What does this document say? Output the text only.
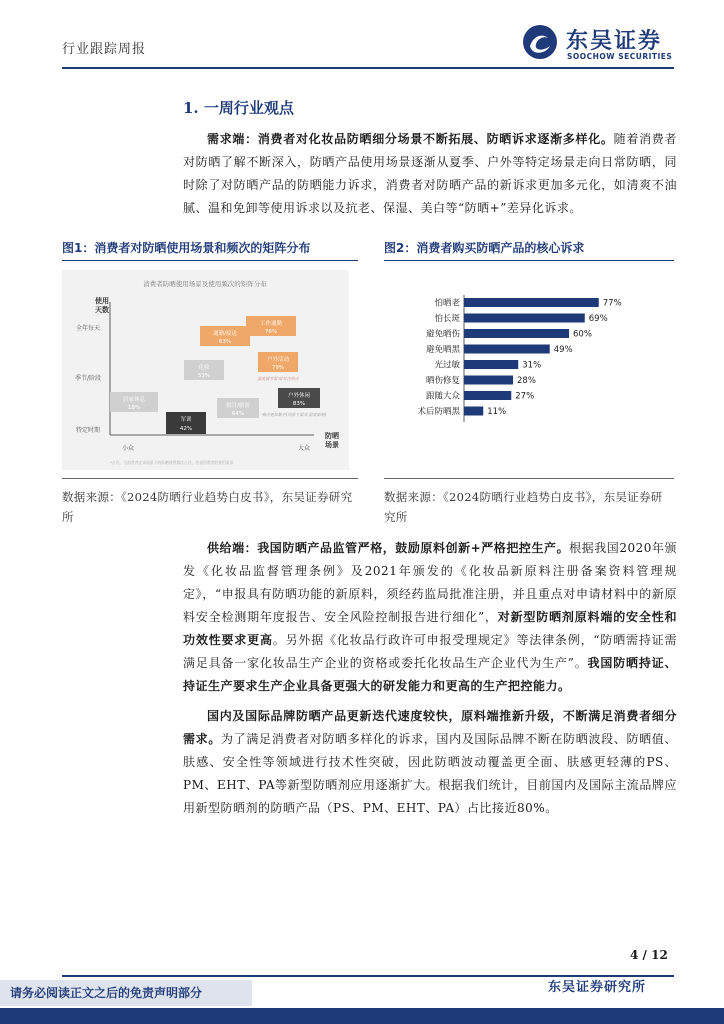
行业跟踪周报	东吴证券
SOOCHOW SECURITIES
1. 一周行业观点

需求端：消费者对化妆品防晒细分场景不断拓展、防晒诉求逐渐多样化。随着消费者对防晒了解不断深入，防晒产品使用场景逐渐从夏季、户外等特定场景走向日常防晒，同时除了对防晒产品的防晒能力诉求，消费者对防晒产品的新诉求更加多元化，如清爽不油腻、温和免卸等使用诉求以及抗老、保湿、美白等“防晒+”差异化诉求。

图1：消费者对防晒使用场景和频次的矩阵分布
消费者防晒使用场景及使用频次的矩阵分布
使用
天数
全年每天
季节/阶段
特定时期
小众	大众
防晒
场景
通勤/接送
63%
工作通勤
76%
化妆
53%
户外活动
79%
温度调节需求/关注热点
居家休息
18%	假日/旅游
64%
户外休闲
83%
痛点更加集中(场景下需求,温度影响)
军训
42%
*占比，与消费者在该场景下的防晒使用频次占比，代表消费者的使用需求
数据来源：《2024防晒行业趋势白皮书》，东吴证券研究所
图2：消费者购买防晒产品的核心诉求
怕晒老	77%
怕长斑	69%
避免晒伤	60%
避免晒黑	49%
光过敏	31%
晒伤修复	28%
跟随大众	27%
术后防晒黑	11%
数据来源：《2024防晒行业趋势白皮书》，东吴证券研究所

供给端：我国防晒产品监管严格，鼓励原料创新+严格把控生产。根据我国2020年颁发《化妆品监督管理条例》及2021年颁发的《化妆品新原料注册备案资料管理规定》，“申报具有防晒功能的新原料，须经药监局批准注册，并且重点对申请材料中的新原料安全检测期年度报告、安全风险控制报告进行细化”，对新型防晒剂原料端的安全性和功效性要求更高。另外据《化妆品行政许可申报受理规定》等法律条例，“防晒需持证需满足具备一家化妆品生产企业的资格或委托化妆品生产企业代为生产”。我国防晒持证、持证生产要求生产企业具备更强大的研发能力和更高的生产把控能力。

国内及国际品牌防晒产品更新迭代速度较快，原料端推新升级，不断满足消费者细分需求。为了满足消费者对防晒多样化的诉求，国内及国际品牌不断在防晒波段、防晒值、肤感、安全性等领域进行技术性突破，因此防晒波动覆盖更全面、肤感更轻薄的PS、PM、EHT、PA等新型防晒剂应用逐渐扩大。根据我们统计，目前国内及国际主流品牌应用新型防晒剂的防晒产品（PS、PM、EHT、PA）占比接近80%。

4 / 12
请务必阅读正文之后的免责声明部分	东吴证券研究所
